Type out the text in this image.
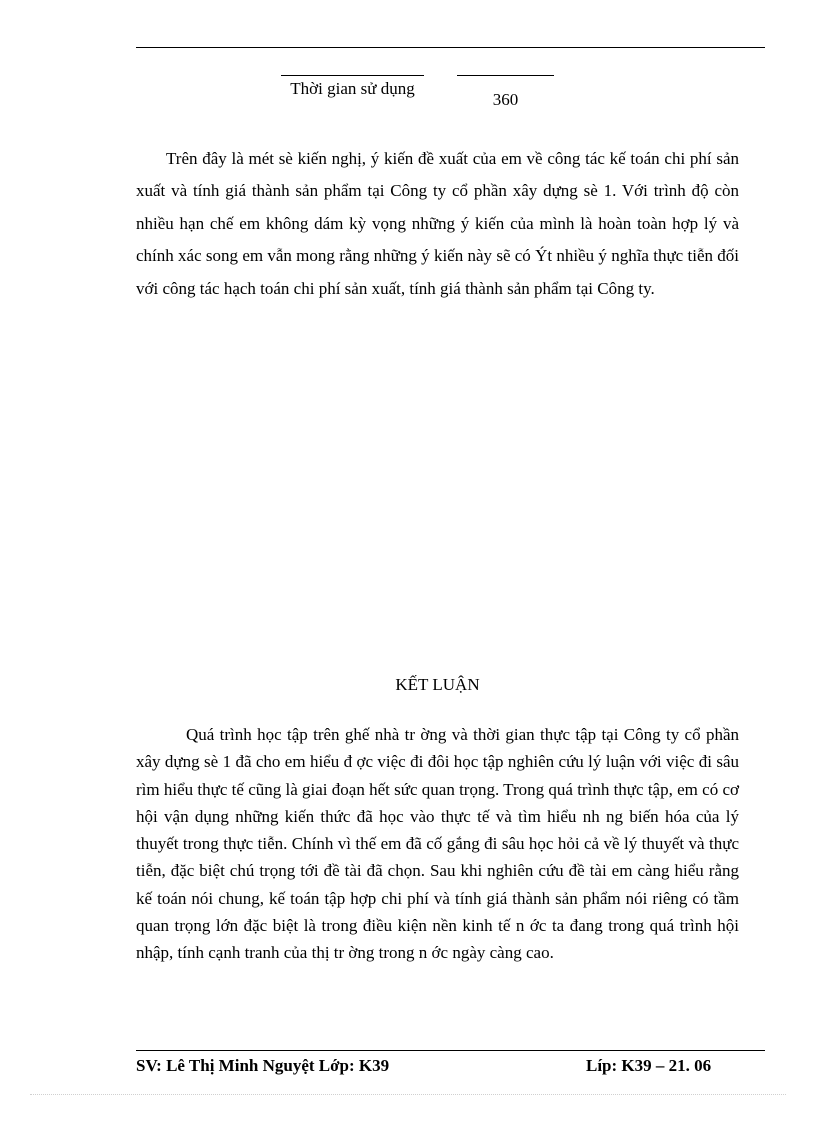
Thời gian sử dụng
360

Trên đây là mét sè kiến nghị, ý kiến đề xuất của em về công tác kế toán chi phí sản xuất và tính giá thành sản phẩm tại Công ty cổ phần xây dựng sè 1. Với trình độ còn nhiều hạn chế em không dám kỳ vọng những ý kiến của mình là hoàn toàn hợp lý và chính xác song em vẫn mong rằng những ý kiến này sẽ có Ýt nhiều ý nghĩa thực tiễn đối với công tác hạch toán chi phí sản xuất, tính giá thành sản phẩm tại Công ty.

KẾT LUẬN

Quá trình học tập trên ghế nhà tr ờng và thời gian thực tập tại Công ty cổ phần xây dựng sè 1 đã cho em hiểu đ ợc việc đi đôi học tập nghiên cứu lý luận với việc đi sâu rìm hiểu thực tế cũng là giai đoạn hết sức quan trọng. Trong quá trình thực tập, em có cơ hội vận dụng những kiến thức đã học vào thực tế và tìm hiểu nh ng biến hóa của lý thuyết trong thực tiễn. Chính vì thế em đã cố gắng đi sâu học hỏi cả về lý thuyết và thực tiễn, đặc biệt chú trọng tới đề tài đã chọn. Sau khi nghiên cứu đề tài em càng hiểu rằng kế toán nói chung, kế toán tập hợp chi phí và tính giá thành sản phẩm nói riêng có tầm quan trọng lớn đặc biệt là trong điều kiện nền kinh tế n ớc ta đang trong quá trình hội nhập, tính cạnh tranh của thị tr ờng trong n ớc ngày càng cao.

SV: Lê Thị Minh Nguyệt Lớp: K39	Líp: K39 – 21. 06
